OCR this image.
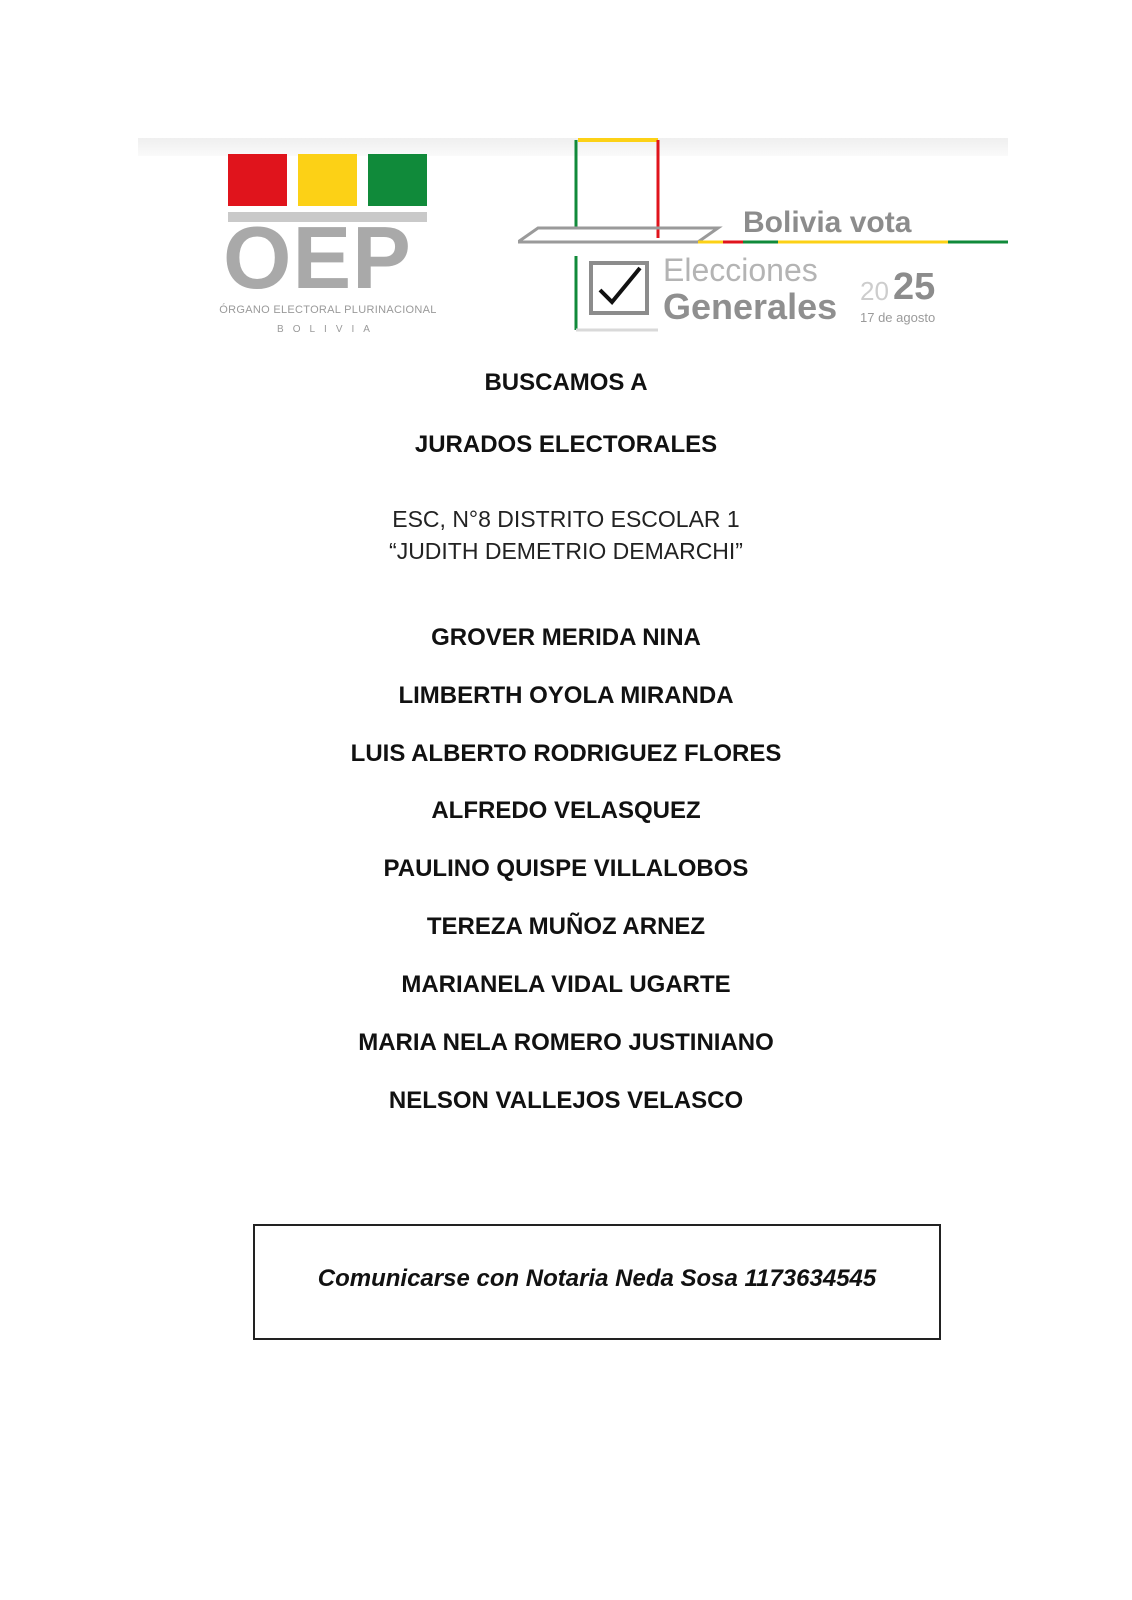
OEP
ÓRGANO ELECTORAL PLURINACIONAL
BOLIVIA
Bolivia vota
Elecciones
Generales 20 25
17 de agosto
BUSCAMOS A
JURADOS ELECTORALES
ESC, N°8 DISTRITO ESCOLAR 1
“JUDITH DEMETRIO DEMARCHI”
GROVER MERIDA NINA
LIMBERTH OYOLA MIRANDA
LUIS ALBERTO RODRIGUEZ FLORES
ALFREDO VELASQUEZ
PAULINO QUISPE VILLALOBOS
TEREZA MUÑOZ ARNEZ
MARIANELA VIDAL UGARTE
MARIA NELA ROMERO JUSTINIANO
NELSON VALLEJOS VELASCO
Comunicarse con Notaria Neda Sosa 1173634545
